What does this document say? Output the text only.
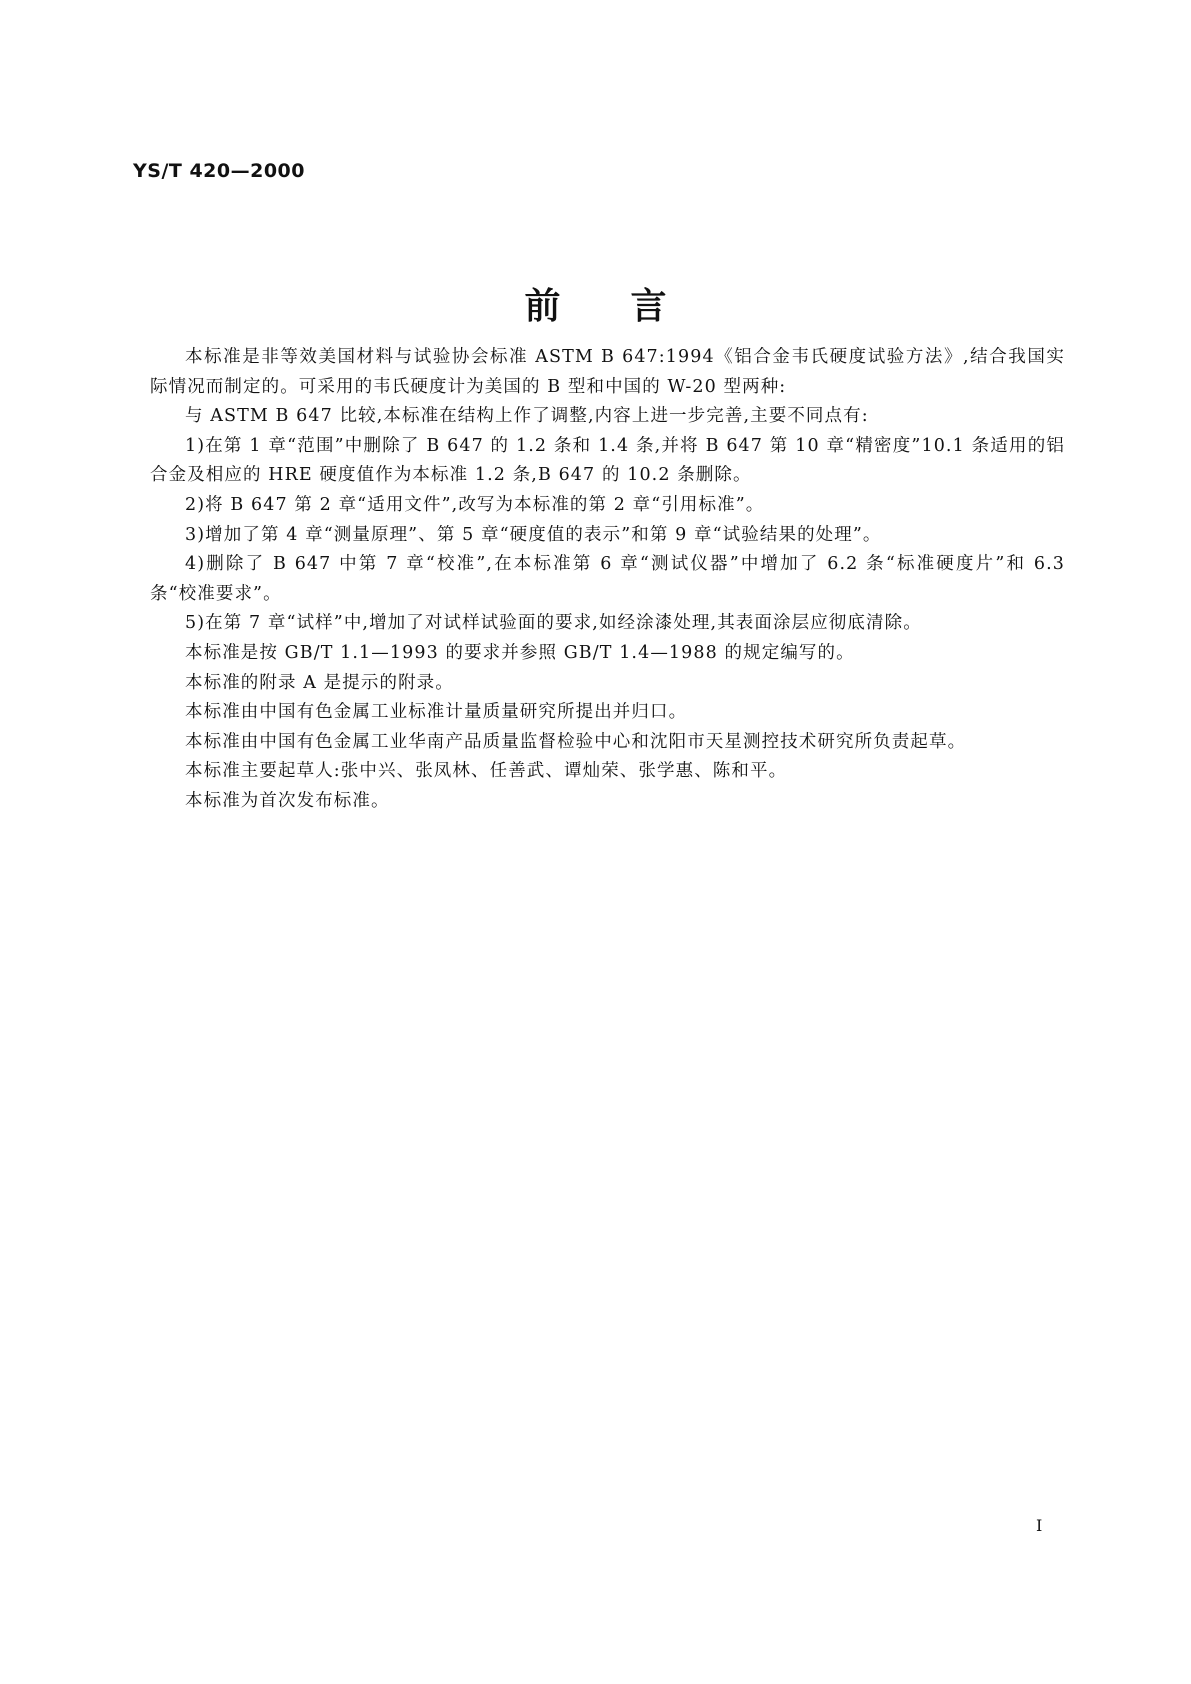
YS/T 420—2000
前言

本标准是非等效美国材料与试验协会标准 ASTM B 647:1994《铝合金韦氏硬度试验方法》,结合我国实际情况而制定的。可采用的韦氏硬度计为美国的 B 型和中国的 W-20 型两种:

与 ASTM B 647 比较,本标准在结构上作了调整,内容上进一步完善,主要不同点有:

1)在第 1 章“范围”中删除了 B 647 的 1.2 条和 1.4 条,并将 B 647 第 10 章“精密度”10.1 条适用的铝合金及相应的 HRE 硬度值作为本标准 1.2 条,B 647 的 10.2 条删除。

2)将 B 647 第 2 章“适用文件”,改写为本标准的第 2 章“引用标准”。

3)增加了第 4 章“测量原理”、第 5 章“硬度值的表示”和第 9 章“试验结果的处理”。

4)删除了 B 647 中第 7 章“校准”,在本标准第 6 章“测试仪器”中增加了 6.2 条“标准硬度片”和 6.3 条“校准要求”。

5)在第 7 章“试样”中,增加了对试样试验面的要求,如经涂漆处理,其表面涂层应彻底清除。

本标准是按 GB/T 1.1—1993 的要求并参照 GB/T 1.4—1988 的规定编写的。

本标准的附录 A 是提示的附录。

本标准由中国有色金属工业标准计量质量研究所提出并归口。

本标准由中国有色金属工业华南产品质量监督检验中心和沈阳市天星测控技术研究所负责起草。

本标准主要起草人:张中兴、张凤林、任善武、谭灿荣、张学惠、陈和平。

本标准为首次发布标准。

I
